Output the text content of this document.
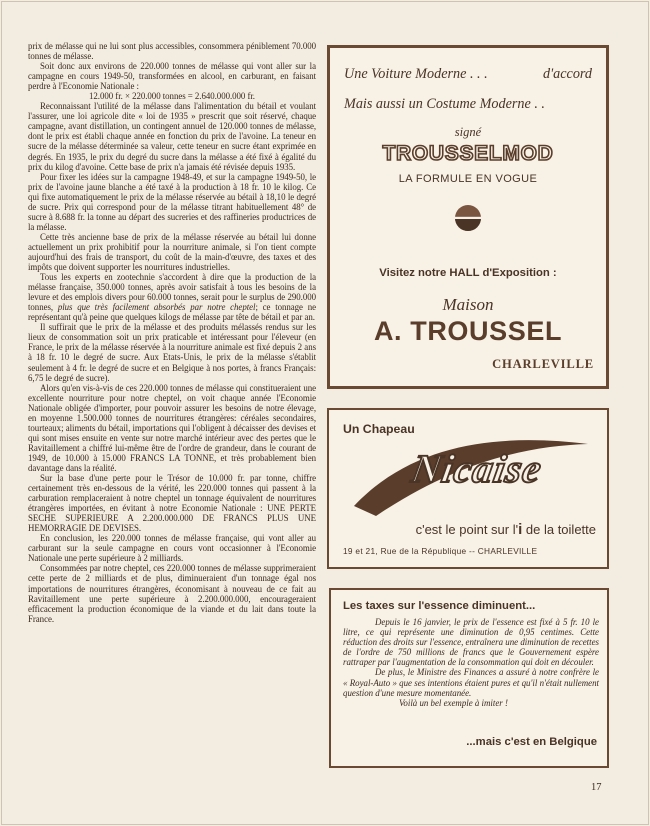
prix de mélasse qui ne lui sont plus accessibles, consommera péniblement 70.000 tonnes de mélasse.

Soit donc aux environs de 220.000 tonnes de mélasse qui vont aller sur la campagne en cours 1949-50, transformées en alcool, en carburant, en faisant perdre à l'Economie Nationale :

12.000 fr. × 220.000 tonnes = 2.640.000.000 fr.

Reconnaissant l'utilité de la mélasse dans l'alimentation du bétail et voulant l'assurer, une loi agricole dite « loi de 1935 » prescrit que soit réservé, chaque campagne, avant distillation, un contingent annuel de 120.000 tonnes de mélasse, dont le prix est établi chaque année en fonction du prix de l'avoine. La teneur en sucre de la mélasse déterminée sa valeur, cette teneur en sucre étant exprimée en degrés. En 1935, le prix du degré du sucre dans la mélasse a été fixé à égalité du prix du kilog d'avoine. Cette base de prix n'a jamais été révisée depuis 1935.

Pour fixer les idées sur la campagne 1948-49, et sur la campagne 1949-50, le prix de l'avoine jaune blanche a été taxé à la production à 18 fr. 10 le kilog. Ce qui fixe automatiquement le prix de la mélasse réservée au bétail à 18,10 le degré de sucre. Prix qui correspond pour de la mélasse titrant habituellement 48° de sucre à 8.688 fr. la tonne au départ des sucreries et des raffineries productrices de la mélasse.

Cette très ancienne base de prix de la mélasse réservée au bétail lui donne actuellement un prix prohibitif pour la nourriture animale, si l'on tient compte aujourd'hui des frais de transport, du coût de la main-d'œuvre, des taxes et des impôts que doivent supporter les nourritures industrielles.

Tous les experts en zootechnie s'accordent à dire que la production de la mélasse française, 350.000 tonnes, après avoir satisfait à tous les besoins de la levure et des emplois divers pour 60.000 tonnes, serait pour le surplus de 290.000 tonnes, plus que très facilement absorbés par notre cheptel; ce tonnage ne représentant qu'à peine que quelques kilogs de mélasse par tête de bétail et par an.

Il suffirait que le prix de la mélasse et des produits mélassés rendus sur les lieux de consommation soit un prix praticable et intéressant pour l'éleveur (en France, le prix de la mélasse réservée à la nourriture animale est fixé depuis 2 ans à 18 fr. 10 le degré de sucre. Aux Etats-Unis, le prix de la mélasse s'établit seulement à 4 fr. le degré de sucre et en Belgique à nos portes, à francs Français: 6,75 le degré de sucre).

Alors qu'en vis-à-vis de ces 220.000 tonnes de mélasse qui constitueraient une excellente nourriture pour notre cheptel, on voit chaque année l'Economie Nationale obligée d'importer, pour pouvoir assurer les besoins de notre élevage, en moyenne 1.500.000 tonnes de nourritures étrangères: céréales secondaires, tourteaux; aliments du bétail, importations qui l'obligent à décaisser des devises et qui sont mises ensuite en vente sur notre marché intérieur avec des pertes que le Ravitaillement a chiffré lui-même être de l'ordre de grandeur, dans le courant de 1949, de 10.000 à 15.000 FRANCS LA TONNE, et très probablement bien davantage dans la réalité.

Sur la base d'une perte pour le Trésor de 10.000 fr. par tonne, chiffre certainement très en-dessous de la vérité, les 220.000 tonnes qui passent à la carburation remplaceraient à notre cheptel un tonnage équivalent de nourritures étrangères importées, en évitant à notre Economie Nationale : UNE PERTE SECHE SUPERIEURE A 2.200.000.000 DE FRANCS PLUS UNE HEMORRAGIE DE DEVISES.

En conclusion, les 220.000 tonnes de mélasse française, qui vont aller au carburant sur la seule campagne en cours vont occasionner à l'Economie Nationale une perte supérieure à 2 milliards.

Consommées par notre cheptel, ces 220.000 tonnes de mélasse supprimeraient cette perte de 2 milliards et de plus, diminueraient d'un tonnage égal nos importations de nourritures étrangères, économisant à nouveau de ce fait au Ravitaillement une perte supérieure à 2.200.000.000, encourageraient efficacement la production économique de la viande et du lait dans toute la France.

Une Voiture Moderne . . .	d'accord
Mais aussi un Costume Moderne . .
signé
TROUSSELMOD
LA FORMULE EN VOGUE
Visitez notre HALL d'Exposition :
Maison
A. TROUSSEL
CHARLEVILLE
Un Chapeau
Nicaise
c'est le point sur l'i de la toilette
19 et 21, Rue de la République -- CHARLEVILLE
Les taxes sur l'essence diminuent...

Depuis le 16 janvier, le prix de l'essence est fixé à 5 fr. 10 le litre, ce qui représente une diminution de 0,95 centimes. Cette réduction des droits sur l'essence, entraînera une diminution de recettes de l'ordre de 750 millions de francs que le Gouvernement espère rattraper par l'augmentation de la consommation qui doit en découler.

De plus, le Ministre des Finances a assuré à notre confrère le « Royal-Auto » que ses intentions étaient pures et qu'il n'était nullement question d'une mesure momentanée.

Voilà un bel exemple à imiter !

...mais c'est en Belgique
17
